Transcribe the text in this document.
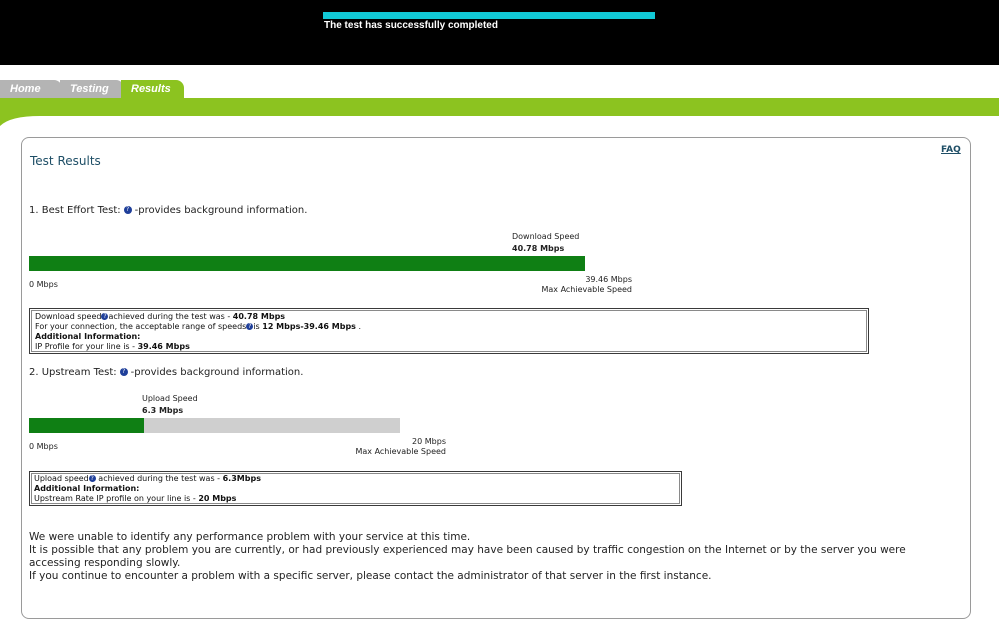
The test has successfully completed
Home	Testing	Results
Test Results
FAQ
1. Best Effort Test: ? -provides background information.
Download Speed
40.78 Mbps
0 Mbps
39.46 Mbps
Max Achievable Speed
Download speed ? achieved during the test was - 40.78 Mbps
For your connection, the acceptable range of speeds ? is 12 Mbps-39.46 Mbps .
Additional Information:
IP Profile for your line is - 39.46 Mbps
2. Upstream Test: ? -provides background information.
Upload Speed
6.3 Mbps
0 Mbps
20 Mbps
Max Achievable Speed
Upload speed ? achieved during the test was - 6.3Mbps
Additional Information:
Upstream Rate IP profile on your line is - 20 Mbps
We were unable to identify any performance problem with your service at this time.
It is possible that any problem you are currently, or had previously experienced may have been caused by traffic congestion on the Internet or by the server you were accessing responding slowly.
If you continue to encounter a problem with a specific server, please contact the administrator of that server in the first instance.
